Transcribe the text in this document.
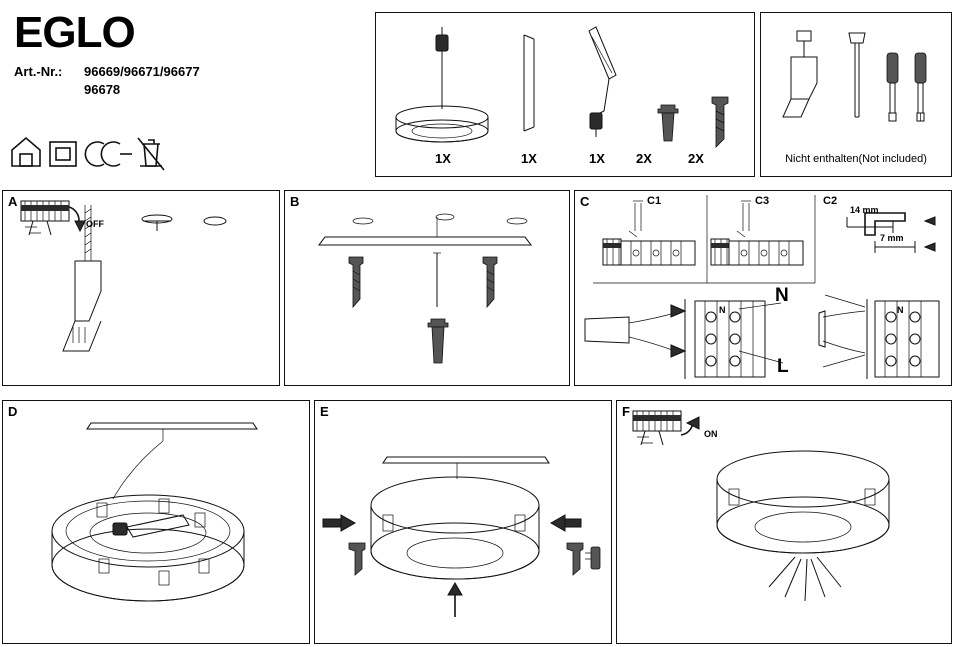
EGLO
Art.-Nr.: 96669/96671/96677
96678
1X	1X	1X	2X	2X	Nicht enthalten(Not included)
A
OFF
B	C	C1	C3	C2
14 mm
7 mm
N
L
N	N
D	E	F
ON
